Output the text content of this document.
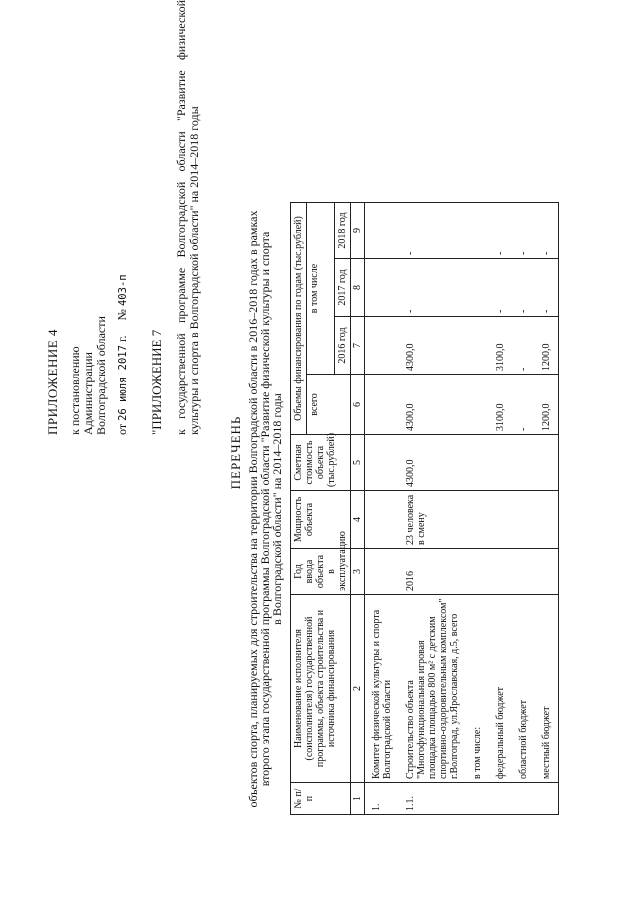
ПРИЛОЖЕНИЕ 4 к постановлению Администрации Волгоградской области от 26 июля 2017 г.     № 403-п
"ПРИЛОЖЕНИЕ 7 к государственной программе Волгоградской области "Развитие физической культуры и спорта в Волгоградской области" на 2014–2018 годы
ПЕРЕЧЕНЬ объектов спорта, планируемых для строительства на территории Волгоградской области в 2016–2018 годах в рамках
второго этапа государственной программы Волгоградской области "Развитие физической культуры и спорта
в Волгоградской области" на 2014–2018 годы
№ п/п	Наименование исполнителя (соисполнителя) государственной программы, объекта строительства и источника финансирования	Год ввода объекта в эксплуатацию	Мощность объекта	Сметная стоимость объекта (тыс.рублей)	Объемы финансирования по годам (тыс.рублей)			
					всего	в том числе		
						2016 год	2017 год	2018 год
1	2	3	4	5	6	7	8	9
1.	Комитет физической культуры и спорта Волгоградской области							
1.1.	Строительство объекта "Многофункциональная игровая площадка площадью 800 м² с детским спортивно-оздоровительным комплексом" г.Волгоград, ул.Ярославская, д.5, всего	2016	23 человека в смену	4300,0	4300,0	4300,0	-	-
	в том числе:							
	федеральный бюджет				3100,0	3100,0	-	-
	областной бюджет				-	-	-	-
	местный бюджет				1200,0	1200,0	-	-
